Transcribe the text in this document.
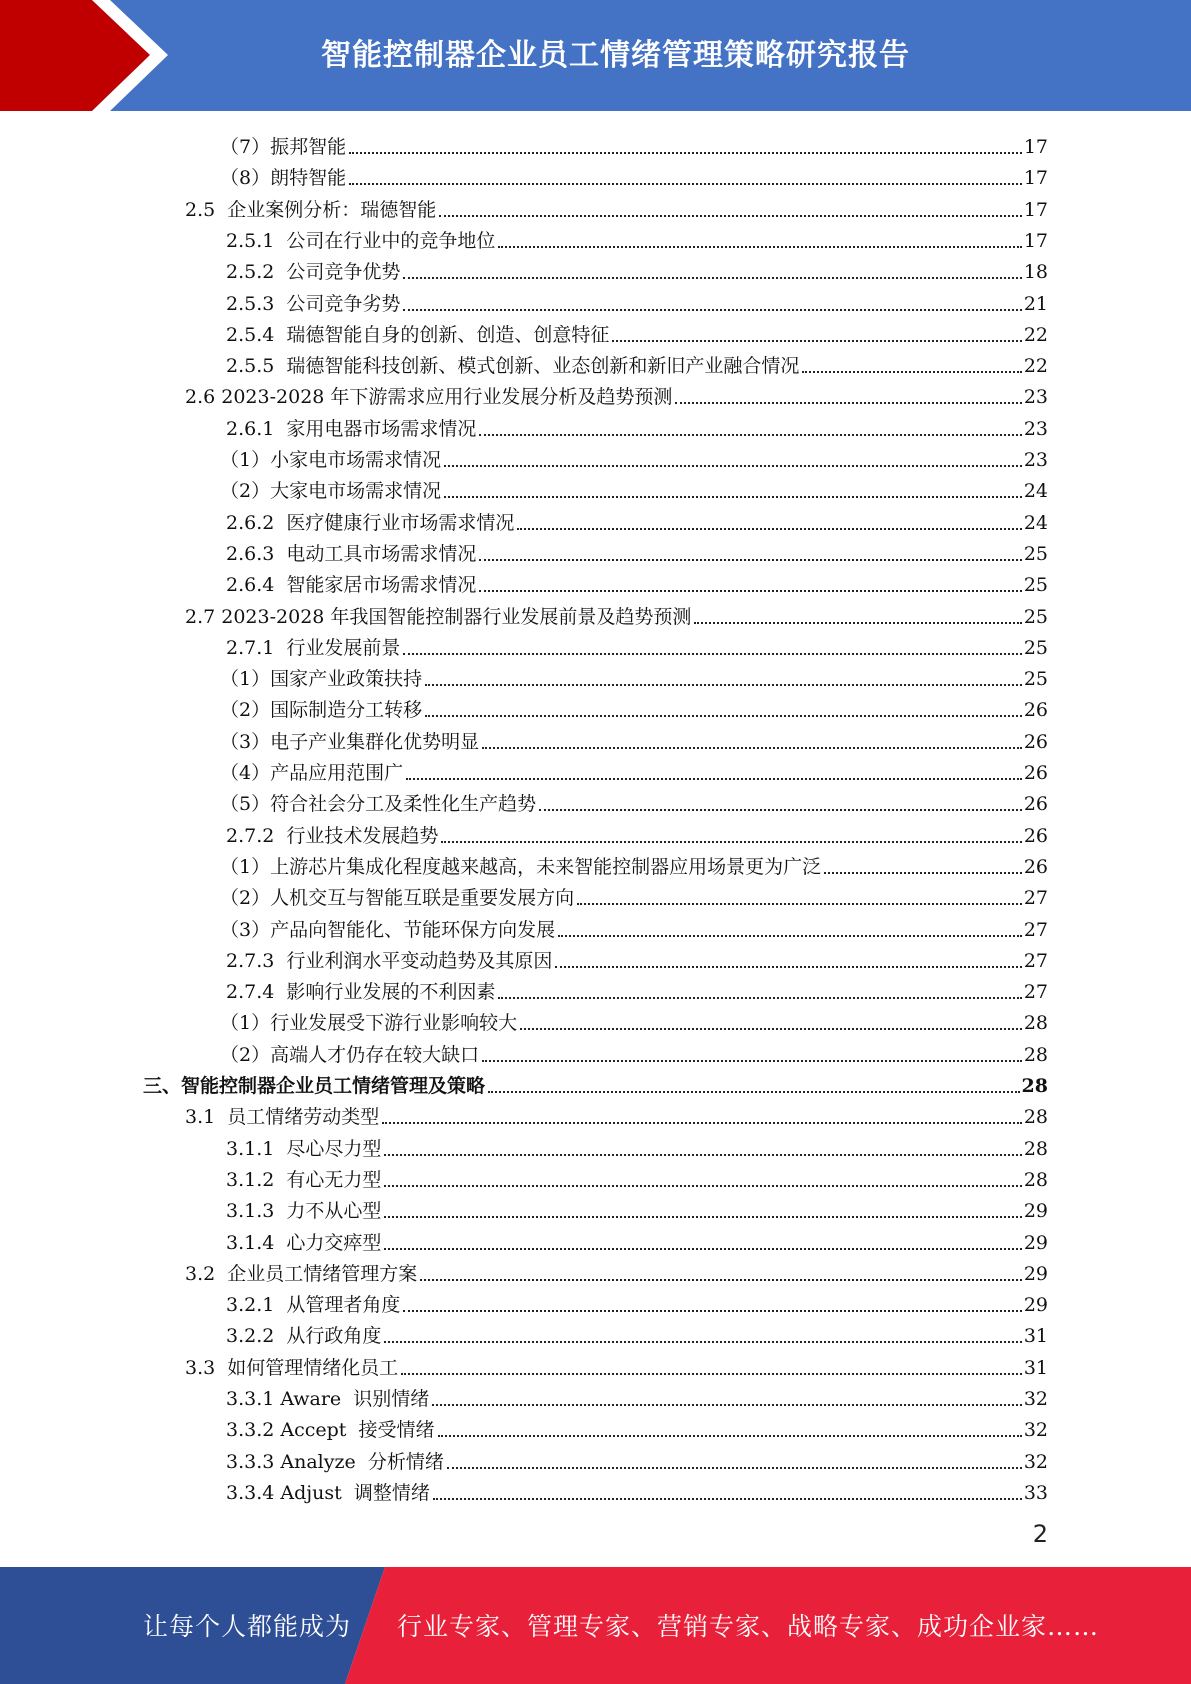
智能控制器企业员工情绪管理策略研究报告
（7）振邦智能	17
（8）朗特智能	17
2.5  企业案例分析：瑞德智能	17
2.5.1  公司在行业中的竞争地位	17
2.5.2  公司竞争优势	18
2.5.3  公司竞争劣势	21
2.5.4  瑞德智能自身的创新、创造、创意特征	22
2.5.5  瑞德智能科技创新、模式创新、业态创新和新旧产业融合情况	22
2.6 2023-2028 年下游需求应用行业发展分析及趋势预测	23
2.6.1  家用电器市场需求情况	23
（1）小家电市场需求情况	23
（2）大家电市场需求情况	24
2.6.2  医疗健康行业市场需求情况	24
2.6.3  电动工具市场需求情况	25
2.6.4  智能家居市场需求情况	25
2.7 2023-2028 年我国智能控制器行业发展前景及趋势预测	25
2.7.1  行业发展前景	25
（1）国家产业政策扶持	25
（2）国际制造分工转移	26
（3）电子产业集群化优势明显	26
（4）产品应用范围广	26
（5）符合社会分工及柔性化生产趋势	26
2.7.2  行业技术发展趋势	26
（1）上游芯片集成化程度越来越高，未来智能控制器应用场景更为广泛	26
（2）人机交互与智能互联是重要发展方向	27
（3）产品向智能化、节能环保方向发展	27
2.7.3  行业利润水平变动趋势及其原因	27
2.7.4  影响行业发展的不利因素	27
（1）行业发展受下游行业影响较大	28
（2）高端人才仍存在较大缺口	28
三、智能控制器企业员工情绪管理及策略	28
3.1  员工情绪劳动类型	28
3.1.1  尽心尽力型	28
3.1.2  有心无力型	28
3.1.3  力不从心型	29
3.1.4  心力交瘁型	29
3.2  企业员工情绪管理方案	29
3.2.1  从管理者角度	29
3.2.2  从行政角度	31
3.3  如何管理情绪化员工	31
3.3.1 Aware  识别情绪	32
3.3.2 Accept  接受情绪	32
3.3.3 Analyze  分析情绪	32
3.3.4 Adjust  调整情绪	33
2
让每个人都能成为 行业专家、管理专家、营销专家、战略专家、成功企业家……
